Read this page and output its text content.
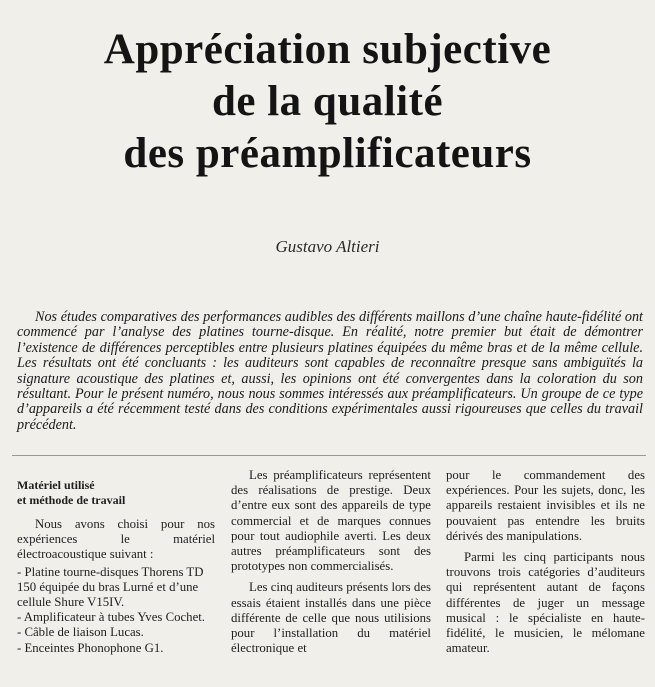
Appréciation subjective
de la qualité
des préamplificateurs
Gustavo Altieri

Nos études comparatives des performances audibles des différents maillons d’une chaîne haute-fidélité ont commencé par l’analyse des platines tourne-disque. En réalité, notre premier but était de démontrer l’existence de différences perceptibles entre plusieurs platines équipées du même bras et de la même cellule. Les résultats ont été concluants : les auditeurs sont capables de reconnaître presque sans ambiguïtés la signature acoustique des platines et, aussi, les opinions ont été convergentes dans la coloration du son résultant. Pour le présent numéro, nous nous sommes intéressés aux préamplificateurs. Un groupe de ce type d’appareils a été récemment testé dans des conditions expérimentales aussi rigoureuses que celles du travail précédent.

Matériel utilisé
et méthode de travail

Nous avons choisi pour nos expériences le matériel électroacoustique suivant :

- Platine tourne-disques Thorens TD 150 équipée du bras Lurné et d’une cellule Shure V15IV.
- Amplificateur à tubes Yves Cochet.
- Câble de liaison Lucas.
- Enceintes Phonophone G1.

Les préamplificateurs représentent des réalisations de prestige. Deux d’entre eux sont des appareils de type commercial et de marques connues pour tout audiophile averti. Les deux autres préamplificateurs sont des prototypes non commercialisés.

Les cinq auditeurs présents lors des essais étaient installés dans une pièce différente de celle que nous utilisions pour l’installation du matériel électronique et

pour le commandement des expériences. Pour les sujets, donc, les appareils restaient invisibles et ils ne pouvaient pas entendre les bruits dérivés des manipulations.

Parmi les cinq participants nous trouvons trois catégories d’auditeurs qui représentent autant de façons différentes de juger un message musical : le spécialiste en haute-fidélité, le musicien, le mélomane amateur.
